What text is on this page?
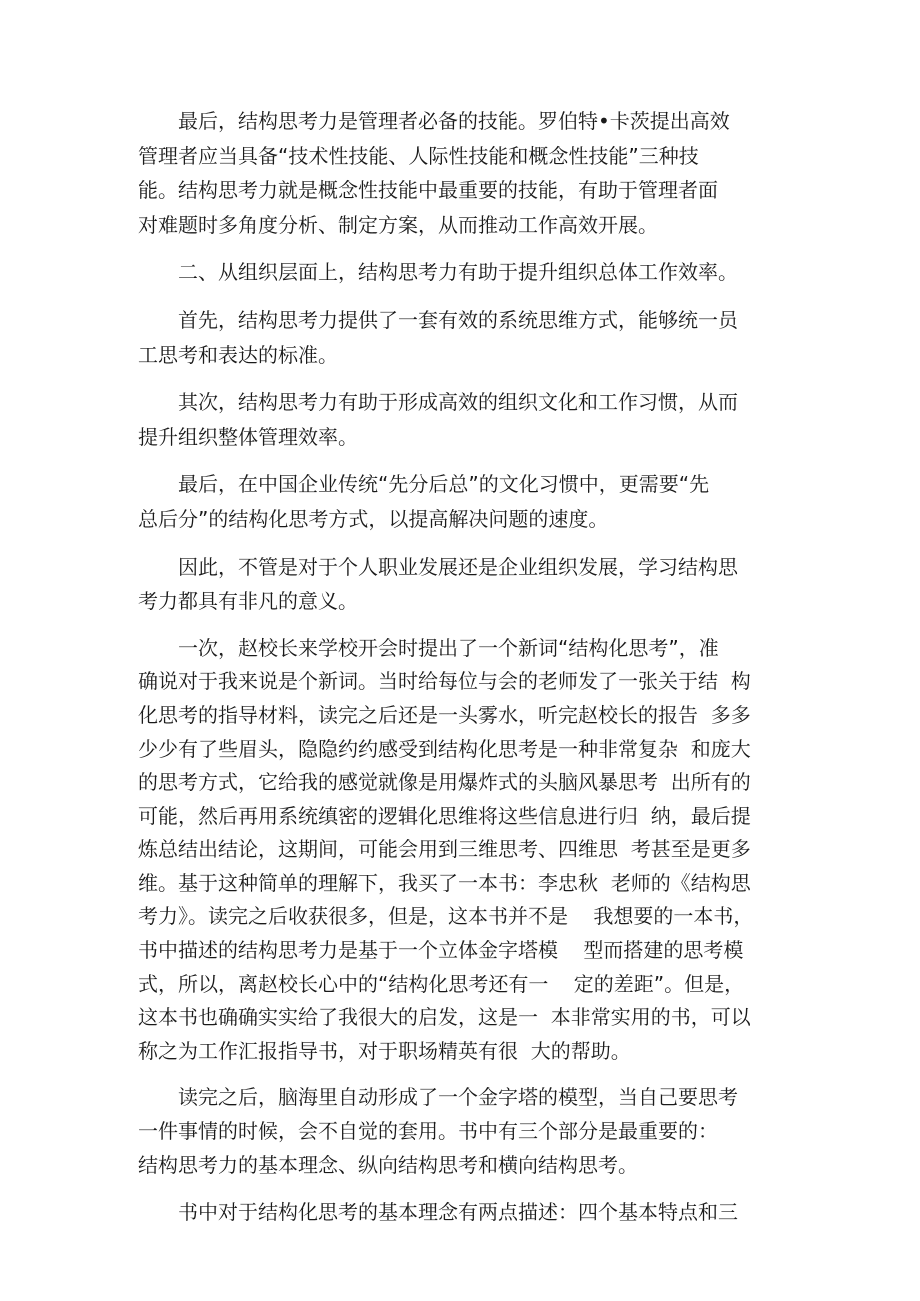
　　最后，结构思考力是管理者必备的技能。罗伯特•卡茨提出高效
管理者应当具备“技术性技能、人际性技能和概念性技能”三种技
能。结构思考力就是概念性技能中最重要的技能，有助于管理者面
对难题时多角度分析、制定方案，从而推动工作高效开展。

　　二、从组织层面上，结构思考力有助于提升组织总体工作效率。

　　首先，结构思考力提供了一套有效的系统思维方式，能够统一员
工思考和表达的标准。

　　其次，结构思考力有助于形成高效的组织文化和工作习惯，从而
提升组织整体管理效率。

　　最后，在中国企业传统“先分后总”的文化习惯中，更需要“先
总后分”的结构化思考方式，以提高解决问题的速度。

　　因此，不管是对于个人职业发展还是企业组织发展，学习结构思
考力都具有非凡的意义。

　　一次，赵校长来学校开会时提出了一个新词“结构化思考”，准
确说对于我来说是个新词。当时给每位与会的老师发了一张关于结  构
化思考的指导材料，读完之后还是一头雾水，听完赵校长的报告  多多
少少有了些眉头，隐隐约约感受到结构化思考是一种非常复杂  和庞大
的思考方式，它给我的感觉就像是用爆炸式的头脑风暴思考  出所有的
可能，然后再用系统缜密的逻辑化思维将这些信息进行归  纳，最后提
炼总结出结论，这期间，可能会用到三维思考、四维思  考甚至是更多
维。基于这种简单的理解下，我买了一本书：李忠秋  老师的《结构思
考力》。读完之后收获很多，但是，这本书并不是    我想要的一本书，
书中描述的结构思考力是基于一个立体金字塔模    型而搭建的思考模
式，所以，离赵校长心中的“结构化思考还有一    定的差距”。但是，
这本书也确确实实给了我很大的启发，这是一  本非常实用的书，可以
称之为工作汇报指导书，对于职场精英有很  大的帮助。

　　读完之后，脑海里自动形成了一个金字塔的模型，当自己要思考
一件事情的时候，会不自觉的套用。书中有三个部分是最重要的：
结构思考力的基本理念、纵向结构思考和横向结构思考。

　　书中对于结构化思考的基本理念有两点描述：四个基本特点和三
